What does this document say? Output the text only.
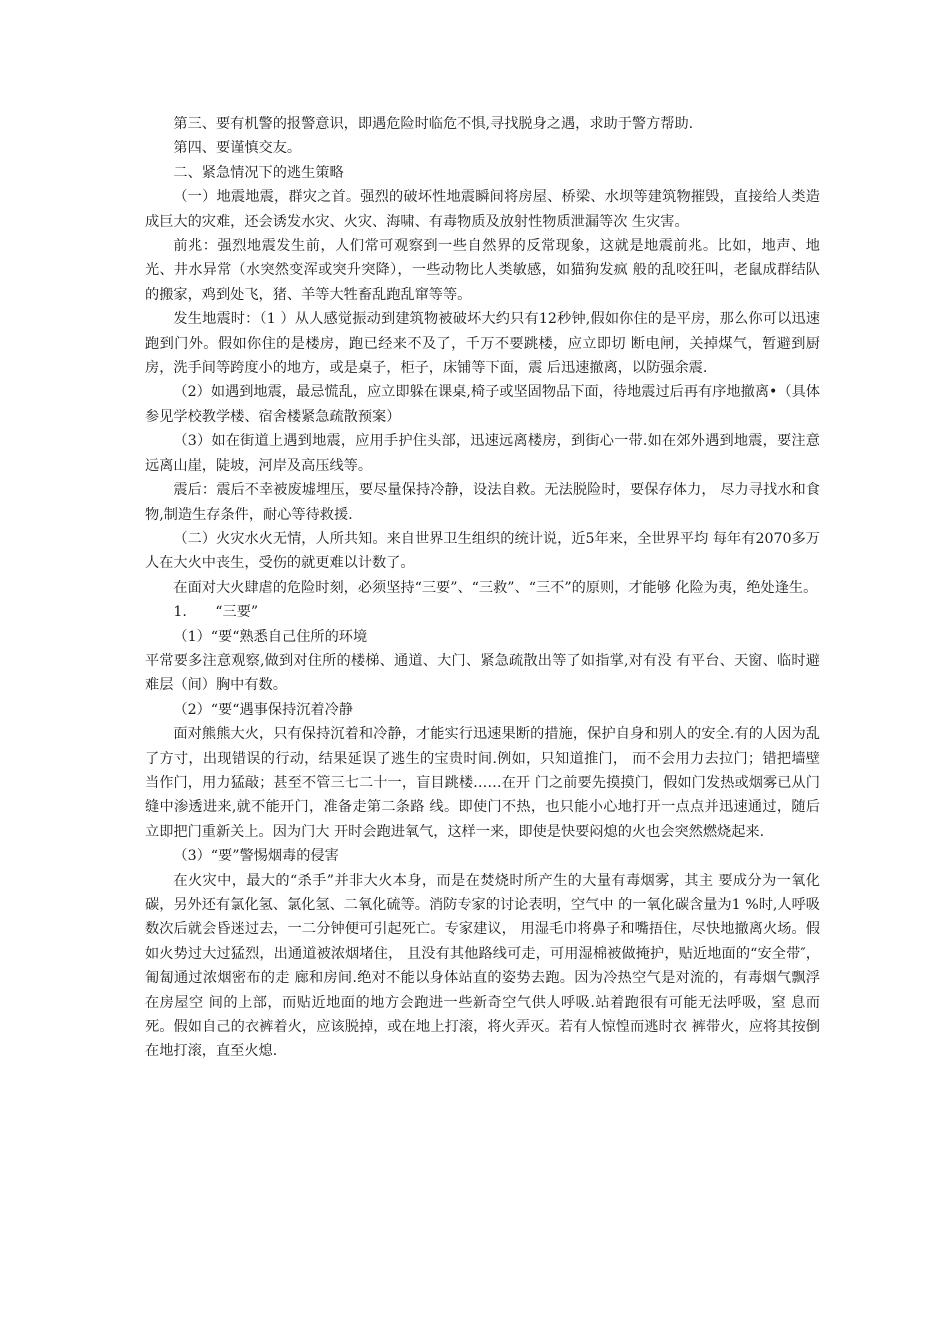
第三、要有机警的报警意识，即遇危险时临危不惧,寻找脱身之遇，求助于警方帮助.

第四、要谨慎交友。

二、紧急情况下的逃生策略

（一）地震地震，群灾之首。强烈的破坏性地震瞬间将房屋、桥梁、水坝等建筑物摧毁，直接给人类造成巨大的灾难，还会诱发水灾、火灾、海啸、有毒物质及放射性物质泄漏等次 生灾害。

前兆：强烈地震发生前，人们常可观察到一些自然界的反常现象，这就是地震前兆。比如，地声、地光、井水异常（水突然变浑或突升突降），一些动物比人类敏感，如猫狗发疯 般的乱咬狂叫，老鼠成群结队的搬家，鸡到处飞，猪、羊等大牲畜乱跑乱窜等等。

发生地震时：（1 ）从人感觉振动到建筑物被破坏大约只有12秒钟,假如你住的是平房，那么你可以迅速跑到门外。假如你住的是楼房，跑已经来不及了，千万不要跳楼，应立即切 断电闸，关掉煤气，暂避到厨房，洗手间等跨度小的地方，或是桌子，柜子，床铺等下面，震 后迅速撤离，以防强余震.

（2）如遇到地震，最忌慌乱，应立即躲在课桌,椅子或坚固物品下面，待地震过后再有序地撤离•（具体参见学校教学楼、宿舍楼紧急疏散预案）

（3）如在街道上遇到地震，应用手护住头部，迅速远离楼房，到街心一带.如在郊外遇到地震，要注意远离山崖，陡坡，河岸及高压线等。

震后：震后不幸被废墟埋压，要尽量保持冷静，设法自救。无法脱险时，要保存体力， 尽力寻找水和食物,制造生存条件，耐心等待救援.

（二）火灾水火无情，人所共知。来自世界卫生组织的统计说，近5年来，全世界平均 每年有2070多万人在大火中丧生，受伤的就更难以计数了。

在面对大火肆虐的危险时刻，必须坚持“三要”、“三救”、“三不”的原则，才能够 化险为夷，绝处逢生。

1.　　“三要”

（1）“要“熟悉自己住所的环境

平常要多注意观察,做到对住所的楼梯、通道、大门、紧急疏散出等了如指掌,对有没 有平台、天窗、临时避难层（间）胸中有数。

（2）“要“遇事保持沉着冷静

面对熊熊大火，只有保持沉着和冷静，才能实行迅速果断的措施，保护自身和别人的安全.有的人因为乱了方寸，出现错误的行动，结果延误了逃生的宝贵时间.例如，只知道推门， 而不会用力去拉门；错把墙壁当作门，用力猛敲；甚至不管三七二十一，盲目跳楼……在开 门之前要先摸摸门，假如门发热或烟雾已从门缝中渗透进来,就不能开门，准备走第二条路 线。即使门不热，也只能小心地打开一点点并迅速通过，随后立即把门重新关上。因为门大 开时会跑进氧气，这样一来，即使是快要闷熄的火也会突然燃烧起来.

（3）“要”警惕烟毒的侵害

在火灾中，最大的“杀手”并非大火本身，而是在焚烧时所产生的大量有毒烟雾，其主 要成分为一氧化碳，另外还有氯化氢、氯化氢、二氧化硫等。消防专家的讨论表明，空气中 的一氧化碳含量为1 %时,人呼吸数次后就会昏迷过去，一二分钟便可引起死亡。专家建议， 用湿毛巾将鼻子和嘴捂住，尽快地撤离火场。假如火势过大过猛烈，出通道被浓烟堵住， 且没有其他路线可走，可用湿棉被做掩护，贴近地面的“安全带″，匍匐通过浓烟密布的走 廊和房间.绝对不能以身体站直的姿势去跑。因为冷热空气是对流的，有毒烟气飘浮在房屋空 间的上部，而贴近地面的地方会跑进一些新奇空气供人呼吸.站着跑很有可能无法呼吸，窒 息而死。假如自己的衣裤着火，应该脱掉，或在地上打滚，将火弄灭。若有人惊惶而逃时衣 裤带火，应将其按倒在地打滚，直至火熄.
